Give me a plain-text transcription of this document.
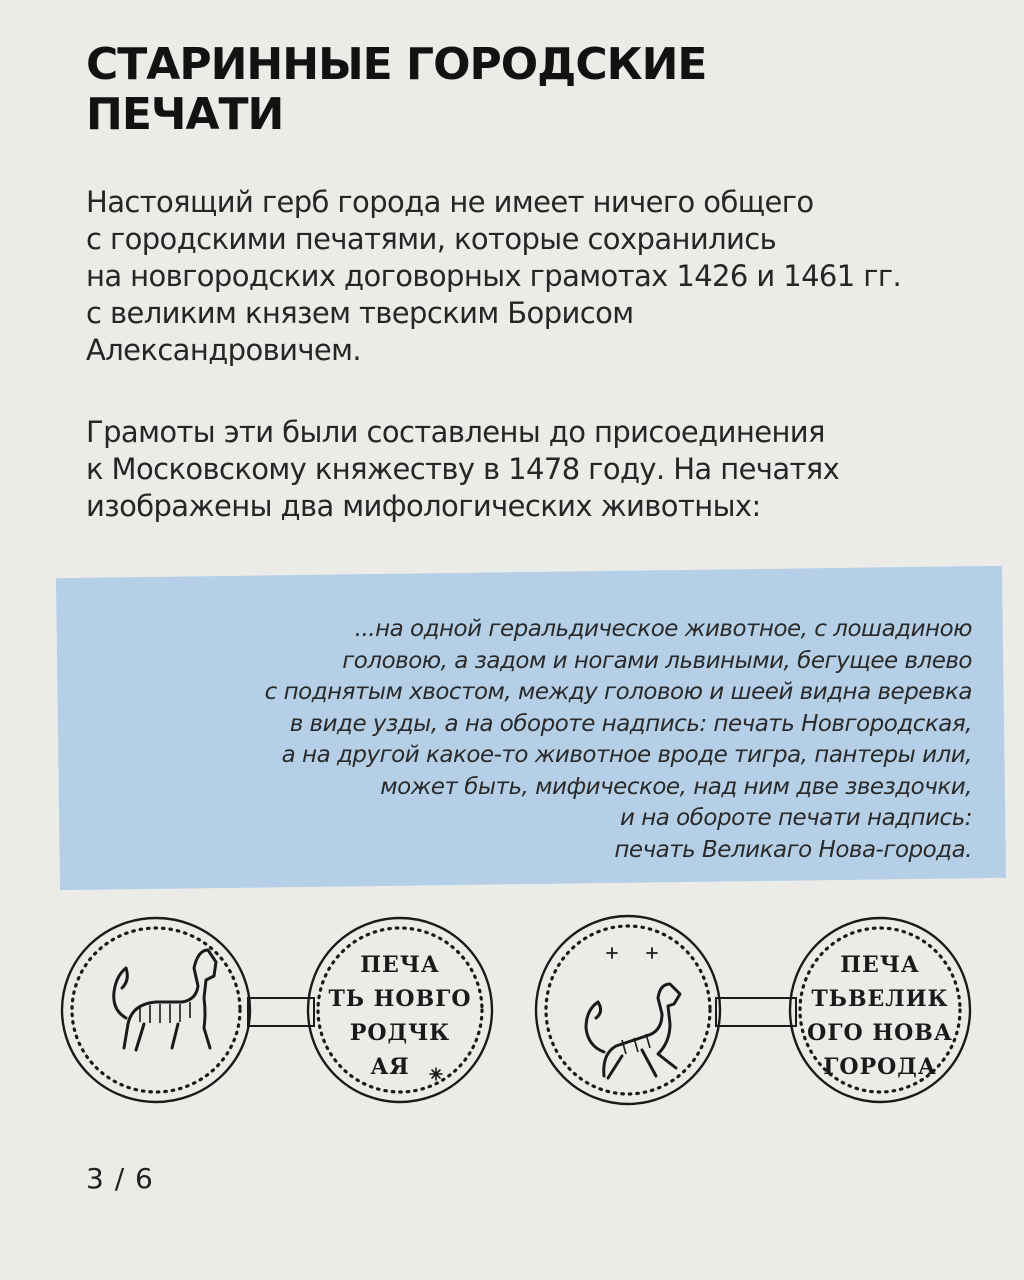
СТАРИННЫЕ ГОРОДСКИЕ
ПЕЧАТИ

Настоящий герб города не имеет ничего общего
с городскими печатями, которые сохранились
на новгородских договорных грамотах 1426 и 1461 гг.
с великим князем тверским Борисом
Александровичем.

Грамоты эти были составлены до присоединения
к Московскому княжеству в 1478 году. На печатях
изображены два мифологических животных:

...на одной геральдическое животное, с лошадиною
головою, а задом и ногами львиными, бегущее влево
с поднятым хвостом, между головою и шеей видна веревка
в виде узды, а на обороте надпись: печать Новгородская,
а на другой какое-то животное вроде тигра, пантеры или,
может быть, мифическое, над ним две звездочки,
и на обороте печати надпись:
печать Великаго Нова-города.

ПЕЧА
ТЬ НОВГО
РОДЧК
АЯ
ПЕЧА
ТЬВЕЛИК
ОГО НОВА
ГОРОДА
3 / 6
